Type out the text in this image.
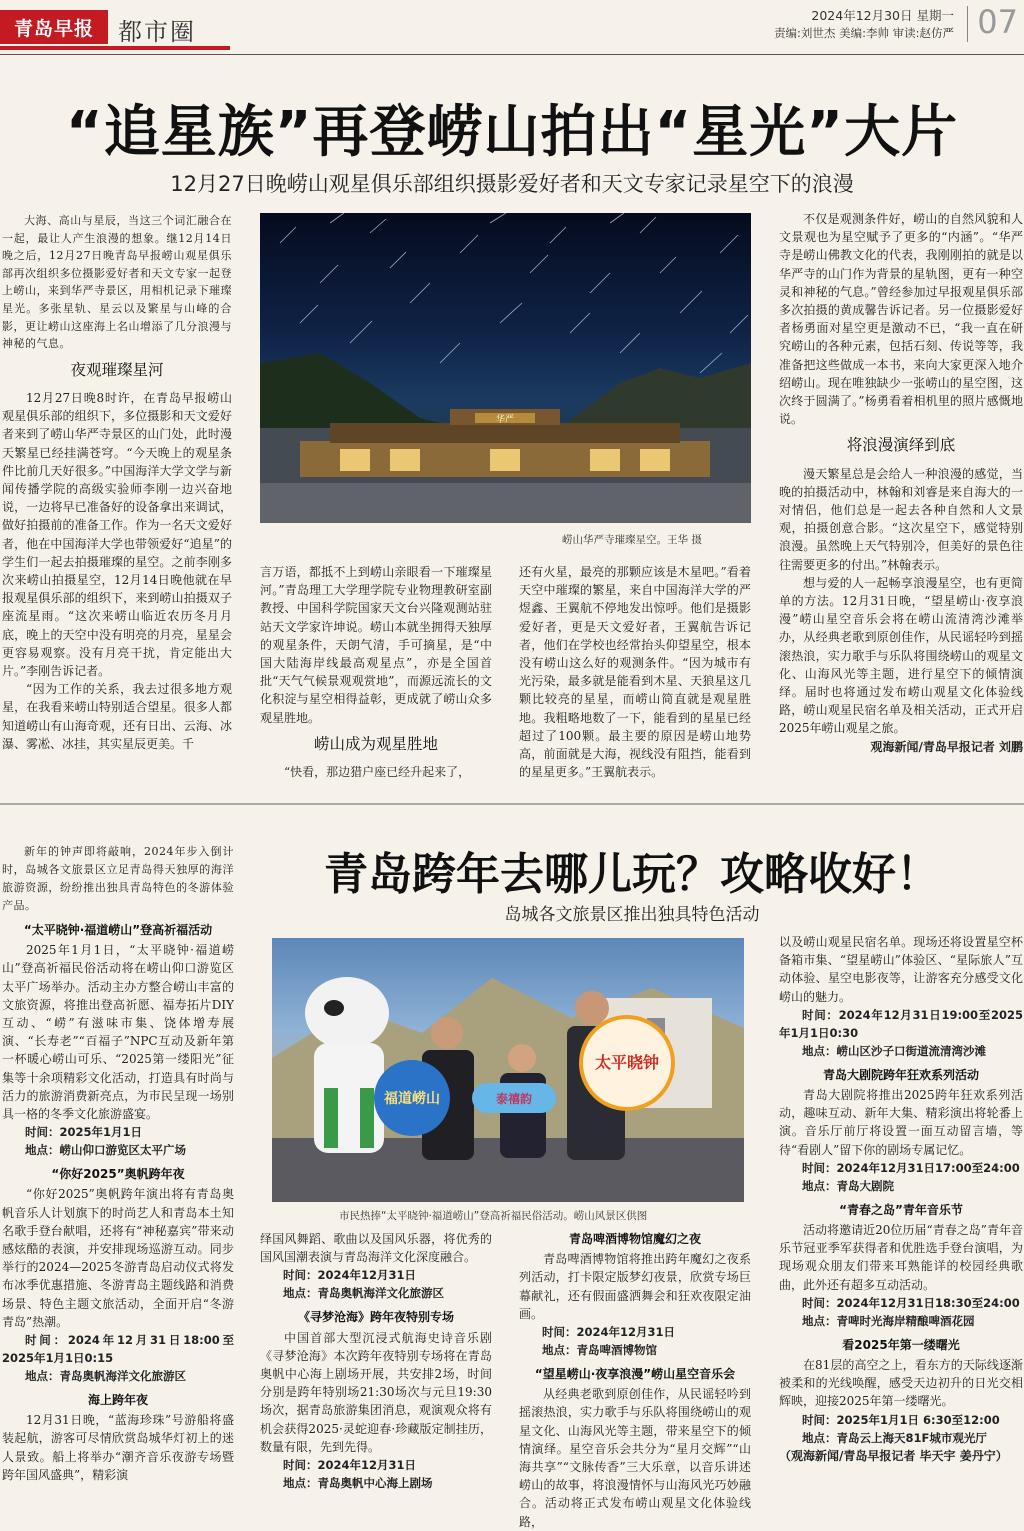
青岛早报	都市圈
2024年12月30日 星期一
责编:刘世杰 美编:李帅 审读:赵仿严 07
“追星族”再登崂山拍出“星光”大片
12月27日晚崂山观星俱乐部组织摄影爱好者和天文专家记录星空下的浪漫

大海、高山与星辰，当这三个词汇融合在一起，最让人产生浪漫的想象。继12月14日晚之后，12月27日晚青岛早报崂山观星俱乐部再次组织多位摄影爱好者和天文专家一起登上崂山，来到华严寺景区，用相机记录下璀璨星光。多张星轨、星云以及繁星与山峰的合影，更让崂山这座海上名山增添了几分浪漫与神秘的气息。

夜观璀璨星河

12月27日晚8时许，在青岛早报崂山观星俱乐部的组织下，多位摄影和天文爱好者来到了崂山华严寺景区的山门处，此时漫天繁星已经挂满苍穹。“今天晚上的观星条件比前几天好很多。”中国海洋大学文学与新闻传播学院的高级实验师李刚一边兴奋地说，一边将早已准备好的设备拿出来调试，做好拍摄前的准备工作。作为一名天文爱好者，他在中国海洋大学也带领爱好“追星”的学生们一起去拍摄璀璨的星空。之前李刚多次来崂山拍摄星空，12月14日晚他就在早报观星俱乐部的组织下，来到崂山拍摄双子座流星雨。“这次来崂山临近农历冬月月底，晚上的天空中没有明亮的月亮，星星会更容易观察。没有月亮干扰，肯定能出大片。”李刚告诉记者。

“因为工作的关系，我去过很多地方观星，在我看来崂山特别适合望星。很多人都知道崂山有山海奇观，还有日出、云海、冰瀑、雾凇、冰挂，其实星辰更美。千

华严
崂山华严寺璀璨星空。王华 摄

言万语，都抵不上到崂山亲眼看一下璀璨星河。”青岛理工大学理学院专业物理教研室副教授、中国科学院国家天文台兴隆观测站驻站天文学家许坤说。崂山本就坐拥得天独厚的观星条件，天朗气清，手可摘星，是“中国大陆海岸线最高观星点”，亦是全国首批“天气气候景观观赏地”，而源远流长的文化积淀与星空相得益彰，更成就了崂山众多观星胜地。

崂山成为观星胜地

“快看，那边猎户座已经升起来了，

还有火星，最亮的那颗应该是木星吧。”看着天空中璀璨的繁星，来自中国海洋大学的严煜鑫、王翼航不停地发出惊呼。他们是摄影爱好者，更是天文爱好者，王翼航告诉记者，他们在学校也经常抬头仰望星空，根本没有崂山这么好的观测条件。“因为城市有光污染，最多就是能看到木星、天狼星这几颗比较亮的星星，而崂山简直就是观星胜地。我粗略地数了一下，能看到的星星已经超过了100颗。最主要的原因是崂山地势高，前面就是大海，视线没有阻挡，能看到的星星更多。”王翼航表示。

不仅是观测条件好，崂山的自然风貌和人文景观也为星空赋予了更多的“内涵”。“华严寺是崂山佛教文化的代表，我刚刚拍的就是以华严寺的山门作为背景的星轨图，更有一种空灵和神秘的气息。”曾经参加过早报观星俱乐部多次拍摄的黄成馨告诉记者。另一位摄影爱好者杨勇面对星空更是激动不已，“我一直在研究崂山的各种元素，包括石刻、传说等等，我准备把这些做成一本书，来向大家更深入地介绍崂山。现在唯独缺少一张崂山的星空图，这次终于圆满了。”杨勇看着相机里的照片感慨地说。

将浪漫演绎到底

漫天繁星总是会给人一种浪漫的感觉，当晚的拍摄活动中，林翰和刘睿是来自海大的一对情侣，他们总是一起去各种自然和人文景观，拍摄创意合影。“这次星空下，感觉特别浪漫。虽然晚上天气特别冷，但美好的景色往往需要更多的付出。”林翰表示。

想与爱的人一起畅享浪漫星空，也有更简单的方法。12月31日晚，“望星崂山·夜享浪漫”崂山星空音乐会将在崂山流清湾沙滩举办，从经典老歌到原创佳作，从民谣轻吟到摇滚热浪，实力歌手与乐队将围绕崂山的观星文化、山海风光等主题，进行星空下的倾情演绎。届时也将通过发布崂山观星文化体验线路，崂山观星民宿名单及相关活动，正式开启2025年崂山观星之旅。

观海新闻/青岛早报记者 刘鹏
青岛跨年去哪儿玩？攻略收好！
岛城各文旅景区推出独具特色活动

新年的钟声即将敲响，2024年步入倒计时，岛城各文旅景区立足青岛得天独厚的海洋旅游资源，纷纷推出独具青岛特色的冬游体验产品。

“太平晓钟·福道崂山”登高祈福活动

2025年1月1日，“太平晓钟·福道崂山”登高祈福民俗活动将在崂山仰口游览区太平广场举办。活动主办方整合崂山丰富的文旅资源，将推出登高祈愿、福寿拓片DIY互动、“崂”有滋味市集、饶体增寿展演、“长寿老”“百福子”NPC互动及新年第一杯暖心崂山可乐、“2025第一缕阳光”征集等十余项精彩文化活动，打造具有时尚与活力的旅游消费新亮点，为市民呈现一场别具一格的冬季文化旅游盛宴。

时间：2025年1月1日
地点：崂山仰口游览区太平广场
“你好2025”奥帆跨年夜

“你好2025”奥帆跨年演出将有青岛奥帆音乐人计划旗下的时尚艺人和青岛本土知名歌手登台献唱，还将有“神秘嘉宾”带来动感炫酷的表演，并安排现场巡游互动。同步举行的2024—2025冬游青岛启动仪式将发布冰季优惠措施、冬游青岛主题线路和消费场景、特色主题文旅活动，全面开启“冬游青岛”热潮。

时间：2024年12月31日18:00至2025年1月1日0:15
地点：青岛奥帆海洋文化旅游区
海上跨年夜

12月31日晚，“蓝海珍珠”号游船将盛装起航，游客可尽情欣赏岛城华灯初上的迷人景致。船上将举办“潮齐音乐夜游专场暨跨年国风盛典”，精彩演

福道崂山	泰禧韵
太平晓钟
市民热捧“太平晓钟·福道崂山”登高祈福民俗活动。崂山风景区供图

绎国风舞蹈、歌曲以及国风乐器，将优秀的国风国潮表演与青岛海洋文化深度融合。

时间：2024年12月31日
地点：青岛奥帆海洋文化旅游区
《寻梦沧海》跨年夜特别专场

中国首部大型沉浸式航海史诗音乐剧《寻梦沧海》本次跨年夜特别专场将在青岛奥帆中心海上剧场开展，共安排2场，时间分别是跨年特别场21:30场次与元旦19:30场次，据青岛旅游集团消息，观演观众将有机会获得2025·灵蛇迎春·珍藏版定制挂历，数量有限，先到先得。

时间：2024年12月31日
地点：青岛奥帆中心海上剧场
青岛啤酒博物馆魔幻之夜

青岛啤酒博物馆将推出跨年魔幻之夜系列活动，打卡限定版梦幻夜景，欣赏专场巨幕献礼，还有假面盛洒舞会和狂欢夜限定油画。

时间：2024年12月31日
地点：青岛啤酒博物馆
“望星崂山·夜享浪漫”崂山星空音乐会

从经典老歌到原创佳作，从民谣轻吟到摇滚热浪，实力歌手与乐队将围绕崂山的观星文化、山海风光等主题，带来星空下的倾情演绎。星空音乐会共分为“星月交辉”“山海共享”“文脉传香”三大乐章，以音乐讲述崂山的故事，将浪漫情怀与山海风光巧妙融合。活动将正式发布崂山观星文化体验线路，

以及崂山观星民宿名单。现场还将设置星空杯备箱市集、“望星崂山”体验区、“星际旅人”互动体验、星空电影夜等，让游客充分感受文化崂山的魅力。

时间：2024年12月31日19:00至2025年1月1日0:30
地点：崂山区沙子口街道流清湾沙滩
青岛大剧院跨年狂欢系列活动

青岛大剧院将推出2025跨年狂欢系列活动，趣味互动、新年大集、精彩演出将轮番上演。音乐厅前厅将设置一面互动留言墙，等待“看剧人”留下你的剧场专属记忆。

时间：2024年12月31日17:00至24:00
地点：青岛大剧院
“青春之岛”青年音乐节

活动将邀请近20位历届“青春之岛”青年音乐节冠亚季军获得者和优胜选手登台演唱，为现场观众朋友们带来耳熟能详的校园经典歌曲，此外还有超多互动活动。

时间：2024年12月31日18:30至24:00
地点：青啤时光海岸精酿啤酒花园
看2025年第一缕曙光

在81层的高空之上，看东方的天际线逐渐被柔和的光线唤醒，感受天边初升的日光交相辉映，迎接2025年第一缕曙光。

时间：2025年1月1日 6:30至12:00
地点：青岛云上海天81F城市观光厅
（观海新闻/青岛早报记者 毕天宇 姜丹宁）
